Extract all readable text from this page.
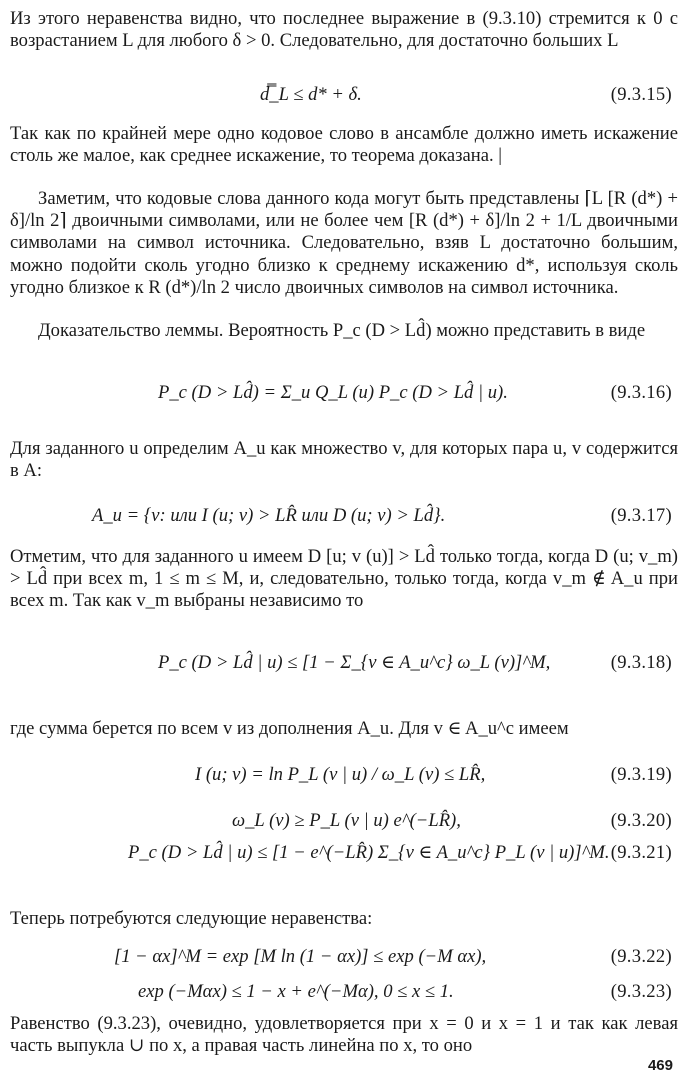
Из этого неравенства видно, что последнее выражение в (9.3.10) стремится к 0 с возрастанием L для любого δ > 0. Следовательно, для достаточно больших L

d̿_L ≤ d* + δ.	(9.3.15)

Так как по крайней мере одно кодовое слово в ансамбле должно иметь искажение столь же малое, как среднее искажение, то теорема доказана. |

Заметим, что кодовые слова данного кода могут быть представлены ⌈L [R (d*) + δ]/ln 2⌉ двоичными символами, или не более чем [R (d*) + δ]/ln 2 + 1/L двоичными символами на символ источника. Следовательно, взяв L достаточно большим, можно подойти сколь угодно близко к среднему искажению d*, используя сколь угодно близкое к R (d*)/ln 2 число двоичных символов на символ источника.

Доказательство леммы. Вероятность P_c (D > Ld̂) можно представить в виде

P_c (D > Ld̂) = Σ_u Q_L (u) P_c (D > Ld̂ | u).	(9.3.16)

Для заданного u определим A_u как множество v, для которых пара u, v содержится в A:

A_u = {v: или I (u; v) > LR̂ или D (u; v) > Ld̂}.	(9.3.17)

Отметим, что для заданного u имеем D [u; v (u)] > Ld̂ только тогда, когда D (u; v_m) > Ld̂ при всех m, 1 ≤ m ≤ M, и, следовательно, только тогда, когда v_m ∉ A_u при всех m. Так как v_m выбраны независимо то

P_c (D > Ld̂ | u) ≤ [1 − Σ_{v ∈ A_u^c} ω_L (v)]^M,	(9.3.18)

где сумма берется по всем v из дополнения A_u. Для v ∈ A_u^c имеем

I (u; v) = ln P_L (v | u) / ω_L (v) ≤ LR̂,	(9.3.19)
ω_L (v) ≥ P_L (v | u) e^(−LR̂),	(9.3.20)
P_c (D > Ld̂ | u) ≤ [1 − e^(−LR̂) Σ_{v ∈ A_u^c} P_L (v | u)]^M. (9.3.21)

Теперь потребуются следующие неравенства:

[1 − αx]^M = exp [M ln (1 − αx)] ≤ exp (−M αx),	(9.3.22)
exp (−Mαx) ≤ 1 − x + e^(−Mα), 0 ≤ x ≤ 1.	(9.3.23)

Равенство (9.3.23), очевидно, удовлетворяется при x = 0 и x = 1 и так как левая часть выпукла ∪ по x, а правая часть линейна по x, то оно

469
